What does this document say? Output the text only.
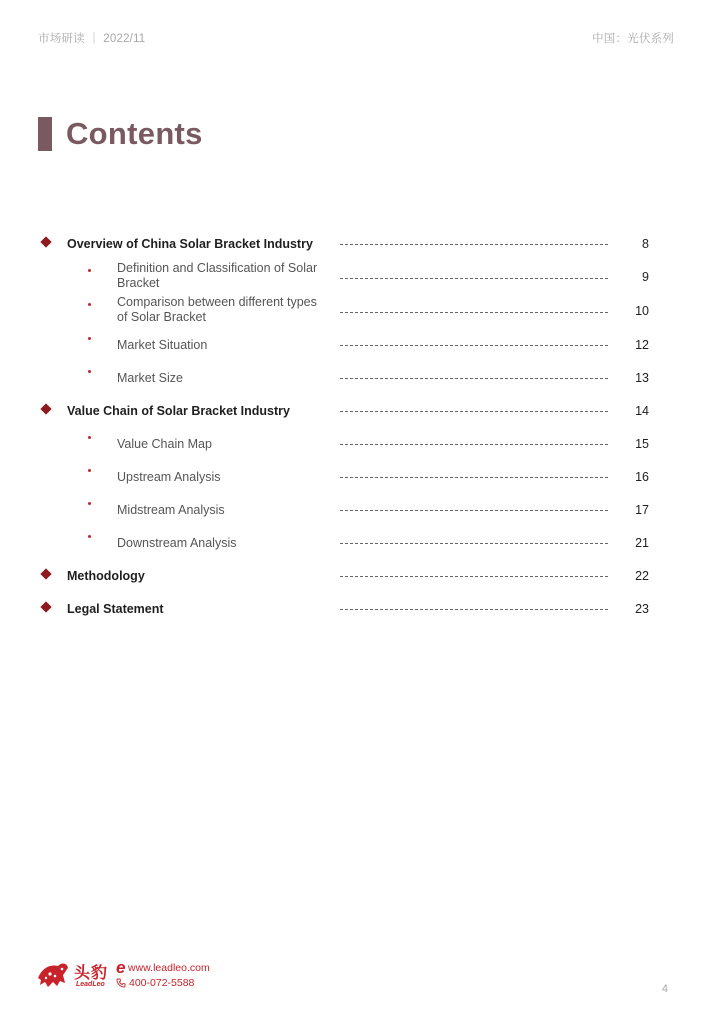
市场研读 ｜ 2022/11	中国：光伏系列
Contents
Overview of China Solar Bracket Industry	8
Definition and Classification of Solar Bracket	9
Comparison between different types of Solar Bracket	10
Market Situation	12
Market Size	13
Value Chain of Solar Bracket Industry	14
Value Chain Map	15
Upstream Analysis	16
Midstream Analysis	17
Downstream Analysis	21
Methodology	22
Legal Statement	23
头豹 e
LeadLeo
www.leadleo.com
400-072-5588	4
